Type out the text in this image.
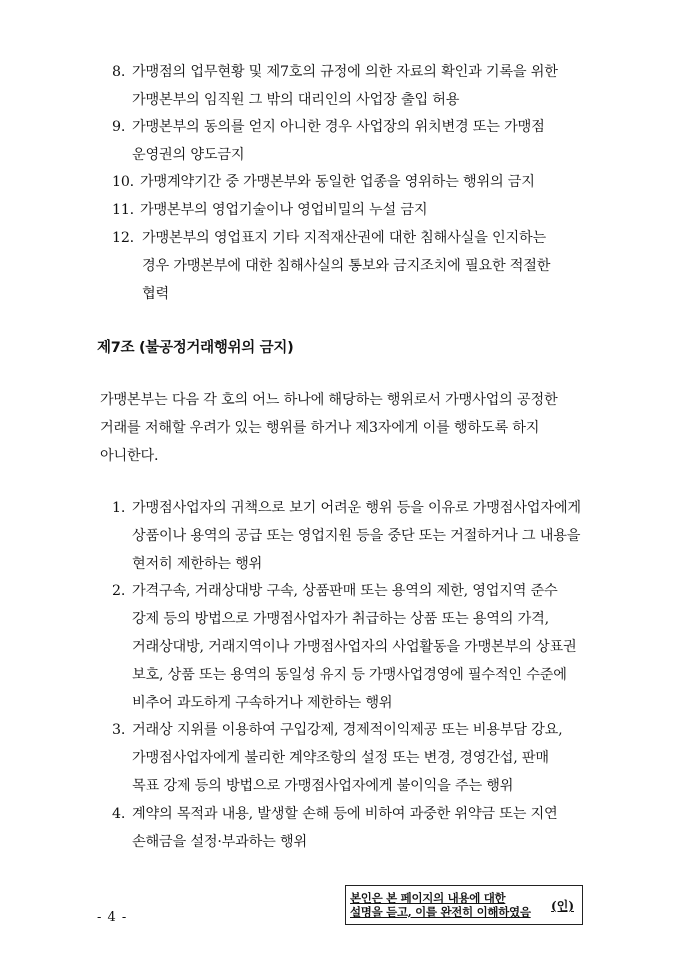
8. 가맹점의 업무현황 및 제7호의 규정에 의한 자료의 확인과 기록을 위한
가맹본부의 임직원 그 밖의 대리인의 사업장 출입 허용
9. 가맹본부의 동의를 얻지 아니한 경우 사업장의 위치변경 또는 가맹점
운영권의 양도금지
10. 가맹계약기간 중 가맹본부와 동일한 업종을 영위하는 행위의 금지
11. 가맹본부의 영업기술이나 영업비밀의 누설 금지
12. 가맹본부의 영업표지 기타 지적재산권에 대한 침해사실을 인지하는
경우 가맹본부에 대한 침해사실의 통보와 금지조치에 필요한 적절한
협력
제7조 (불공정거래행위의 금지)
가맹본부는 다음 각 호의 어느 하나에 해당하는 행위로서 가맹사업의 공정한
거래를 저해할 우려가 있는 행위를 하거나 제3자에게 이를 행하도록 하지
아니한다.
1. 가맹점사업자의 귀책으로 보기 어려운 행위 등을 이유로 가맹점사업자에게
상품이나 용역의 공급 또는 영업지원 등을 중단 또는 거절하거나 그 내용을
현저히 제한하는 행위
2. 가격구속, 거래상대방 구속, 상품판매 또는 용역의 제한, 영업지역 준수
강제 등의 방법으로 가맹점사업자가 취급하는 상품 또는 용역의 가격,
거래상대방, 거래지역이나 가맹점사업자의 사업활동을 가맹본부의 상표권
보호, 상품 또는 용역의 동일성 유지 등 가맹사업경영에 필수적인 수준에
비추어 과도하게 구속하거나 제한하는 행위
3. 거래상 지위를 이용하여 구입강제, 경제적이익제공 또는 비용부담 강요,
가맹점사업자에게 불리한 계약조항의 설정 또는 변경, 경영간섭, 판매
목표 강제 등의 방법으로 가맹점사업자에게 불이익을 주는 행위
4. 계약의 목적과 내용, 발생할 손해 등에 비하여 과중한 위약금 또는 지연
손해금을 설정·부과하는 행위
- 4 -
본인은 본 페이지의 내용에 대한
설명을 듣고, 이를 완전히 이해하였음	(인)
